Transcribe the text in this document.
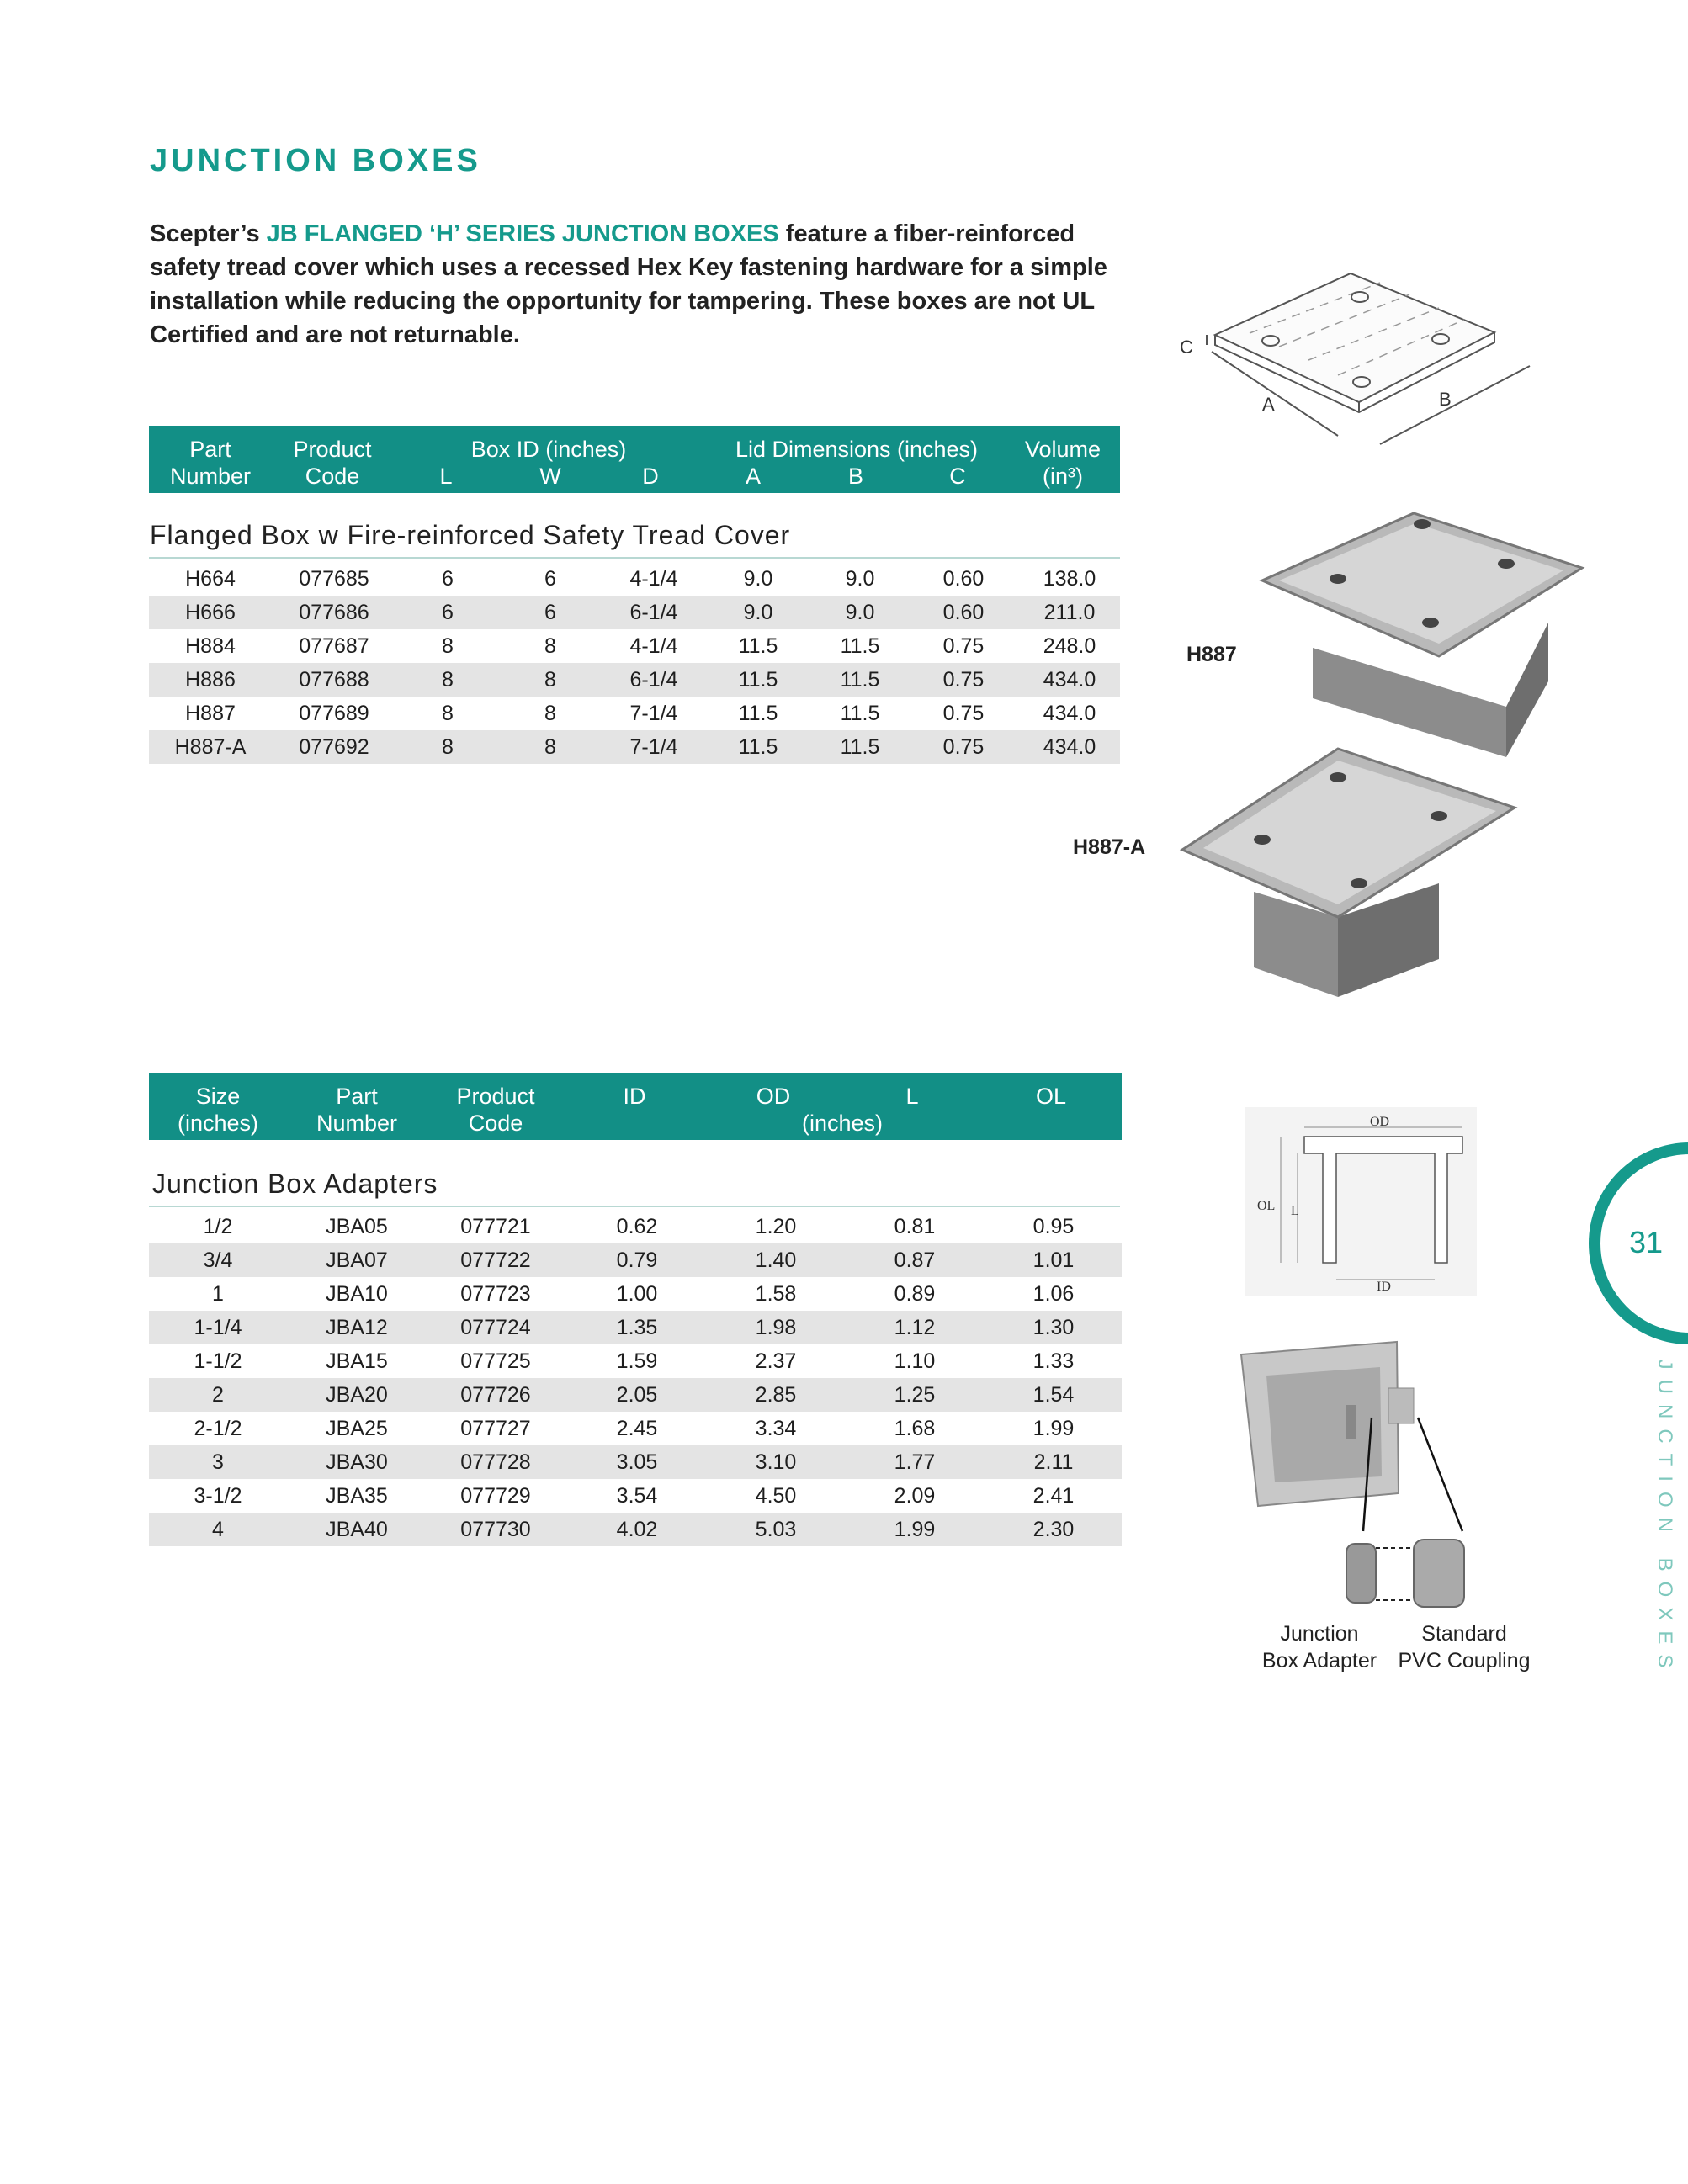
JUNCTION BOXES
Scepter’s JB FLANGED ‘H’ SERIES JUNCTION BOXES feature a fiber-reinforced safety tread cover which uses a recessed Hex Key fastening hardware for a simple installation while reducing the opportunity for tampering. These boxes are not UL Certified and are not returnable.
Part
Number
Product
Code
Box ID (inches)
L	W	D
Lid Dimensions (inches)
A	B	C
Volume
(in³)
Flanged Box w Fire-reinforced Safety Tread Cover
H664	077685	6	6	4-1/4	9.0	9.0	0.60	138.0
H666	077686	6	6	6-1/4	9.0	9.0	0.60	211.0
H884	077687	8	8	4-1/4	11.5	11.5	0.75	248.0
H886	077688	8	8	6-1/4	11.5	11.5	0.75	434.0
H887	077689	8	8	7-1/4	11.5	11.5	0.75	434.0
H887-A	077692	8	8	7-1/4	11.5	11.5	0.75	434.0
Size
(inches)
Part
Number
Product
Code
ID	OD	L
(inches)
OL
Junction Box Adapters
1/2	JBA05	077721	0.62	1.20	0.81	0.95
3/4	JBA07	077722	0.79	1.40	0.87	1.01
1	JBA10	077723	1.00	1.58	0.89	1.06
1-1/4	JBA12	077724	1.35	1.98	1.12	1.30
1-1/2	JBA15	077725	1.59	2.37	1.10	1.33
2	JBA20	077726	2.05	2.85	1.25	1.54
2-1/2	JBA25	077727	2.45	3.34	1.68	1.99
3	JBA30	077728	3.05	3.10	1.77	2.11
3-1/2	JBA35	077729	3.54	4.50	2.09	2.41
4	JBA40	077730	4.02	5.03	1.99	2.30
A	B
C
H887
H887-A
OD
ID
OL L
Junction
Box Adapter
Standard
PVC Coupling
31
JUNCTION BOXES
